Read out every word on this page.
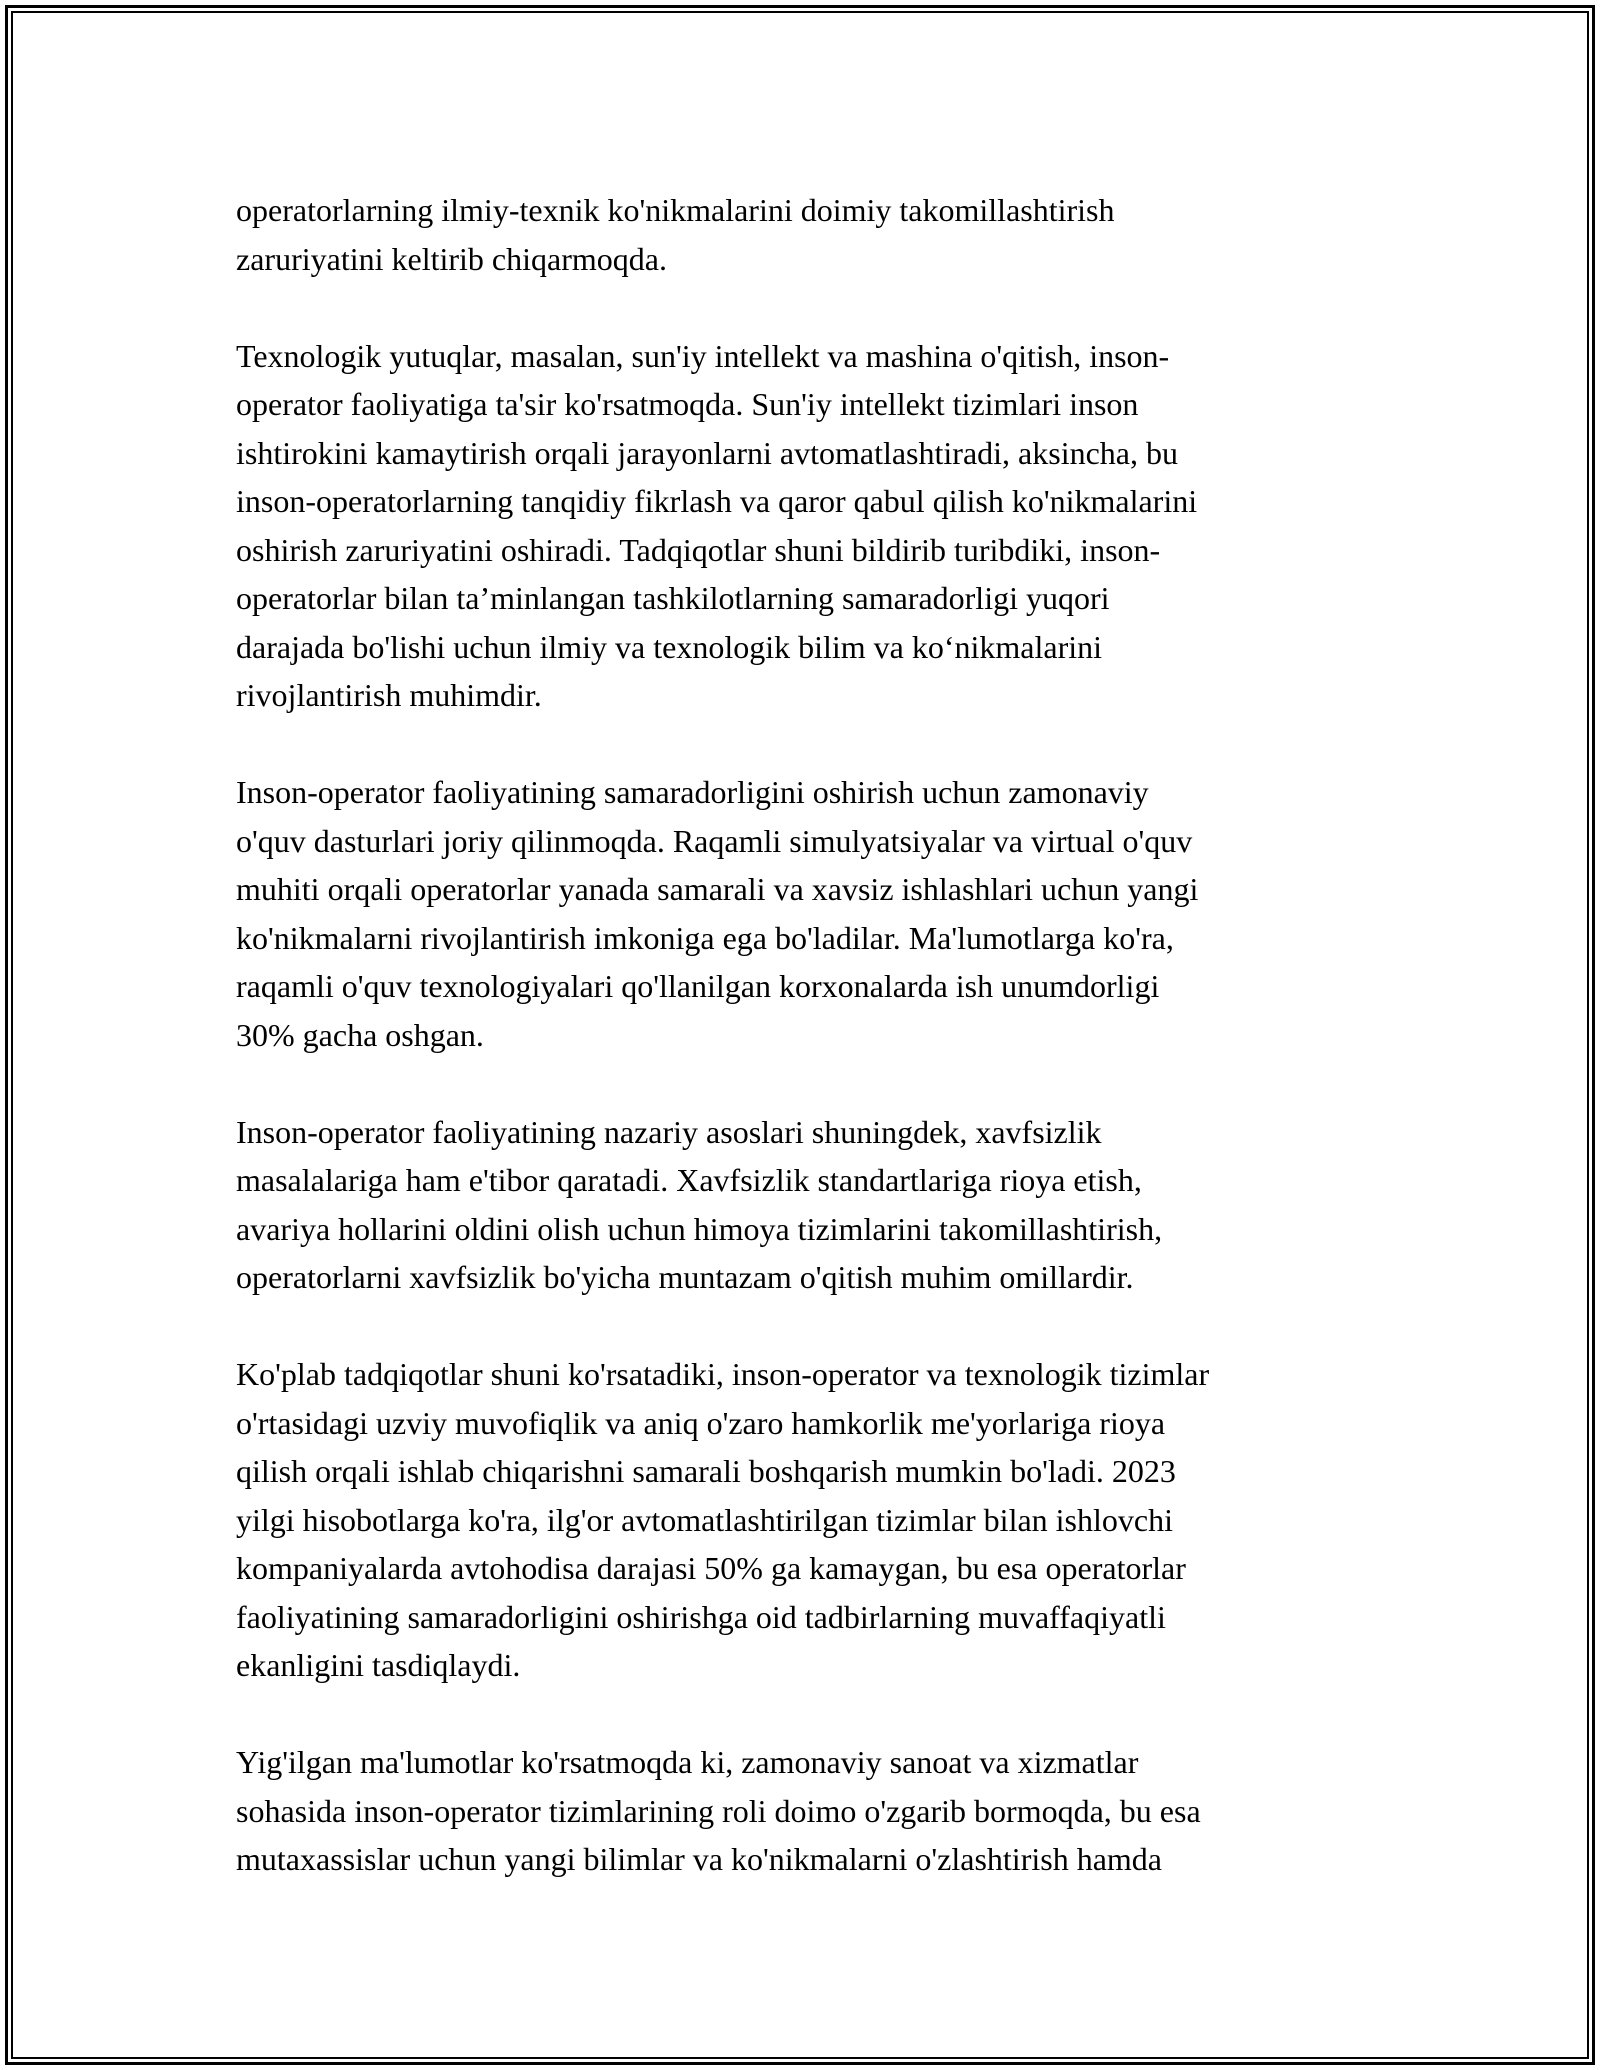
operatorlarning ilmiy-texnik ko'nikmalarini doimiy takomillashtirish
zaruriyatini keltirib chiqarmoqda.
Texnologik yutuqlar, masalan, sun'iy intellekt va mashina o'qitish, inson-
operator faoliyatiga ta'sir ko'rsatmoqda. Sun'iy intellekt tizimlari inson
ishtirokini kamaytirish orqali jarayonlarni avtomatlashtiradi, aksincha, bu
inson-operatorlarning tanqidiy fikrlash va qaror qabul qilish ko'nikmalarini
oshirish zaruriyatini oshiradi. Tadqiqotlar shuni bildirib turibdiki, inson-
operatorlar bilan ta’minlangan tashkilotlarning samaradorligi yuqori
darajada bo'lishi uchun ilmiy va texnologik bilim va ko‘nikmalarini
rivojlantirish muhimdir.
Inson-operator faoliyatining samaradorligini oshirish uchun zamonaviy
o'quv dasturlari joriy qilinmoqda. Raqamli simulyatsiyalar va virtual o'quv
muhiti orqali operatorlar yanada samarali va xavsiz ishlashlari uchun yangi
ko'nikmalarni rivojlantirish imkoniga ega bo'ladilar. Ma'lumotlarga ko'ra,
raqamli o'quv texnologiyalari qo'llanilgan korxonalarda ish unumdorligi
30% gacha oshgan.
Inson-operator faoliyatining nazariy asoslari shuningdek, xavfsizlik
masalalariga ham e'tibor qaratadi. Xavfsizlik standartlariga rioya etish,
avariya hollarini oldini olish uchun himoya tizimlarini takomillashtirish,
operatorlarni xavfsizlik bo'yicha muntazam o'qitish muhim omillardir.
Ko'plab tadqiqotlar shuni ko'rsatadiki, inson-operator va texnologik tizimlar
o'rtasidagi uzviy muvofiqlik va aniq o'zaro hamkorlik me'yorlariga rioya
qilish orqali ishlab chiqarishni samarali boshqarish mumkin bo'ladi. 2023
yilgi hisobotlarga ko'ra, ilg'or avtomatlashtirilgan tizimlar bilan ishlovchi
kompaniyalarda avtohodisa darajasi 50% ga kamaygan, bu esa operatorlar
faoliyatining samaradorligini oshirishga oid tadbirlarning muvaffaqiyatli
ekanligini tasdiqlaydi.
Yig'ilgan ma'lumotlar ko'rsatmoqda ki, zamonaviy sanoat va xizmatlar
sohasida inson-operator tizimlarining roli doimo o'zgarib bormoqda, bu esa
mutaxassislar uchun yangi bilimlar va ko'nikmalarni o'zlashtirish hamda
